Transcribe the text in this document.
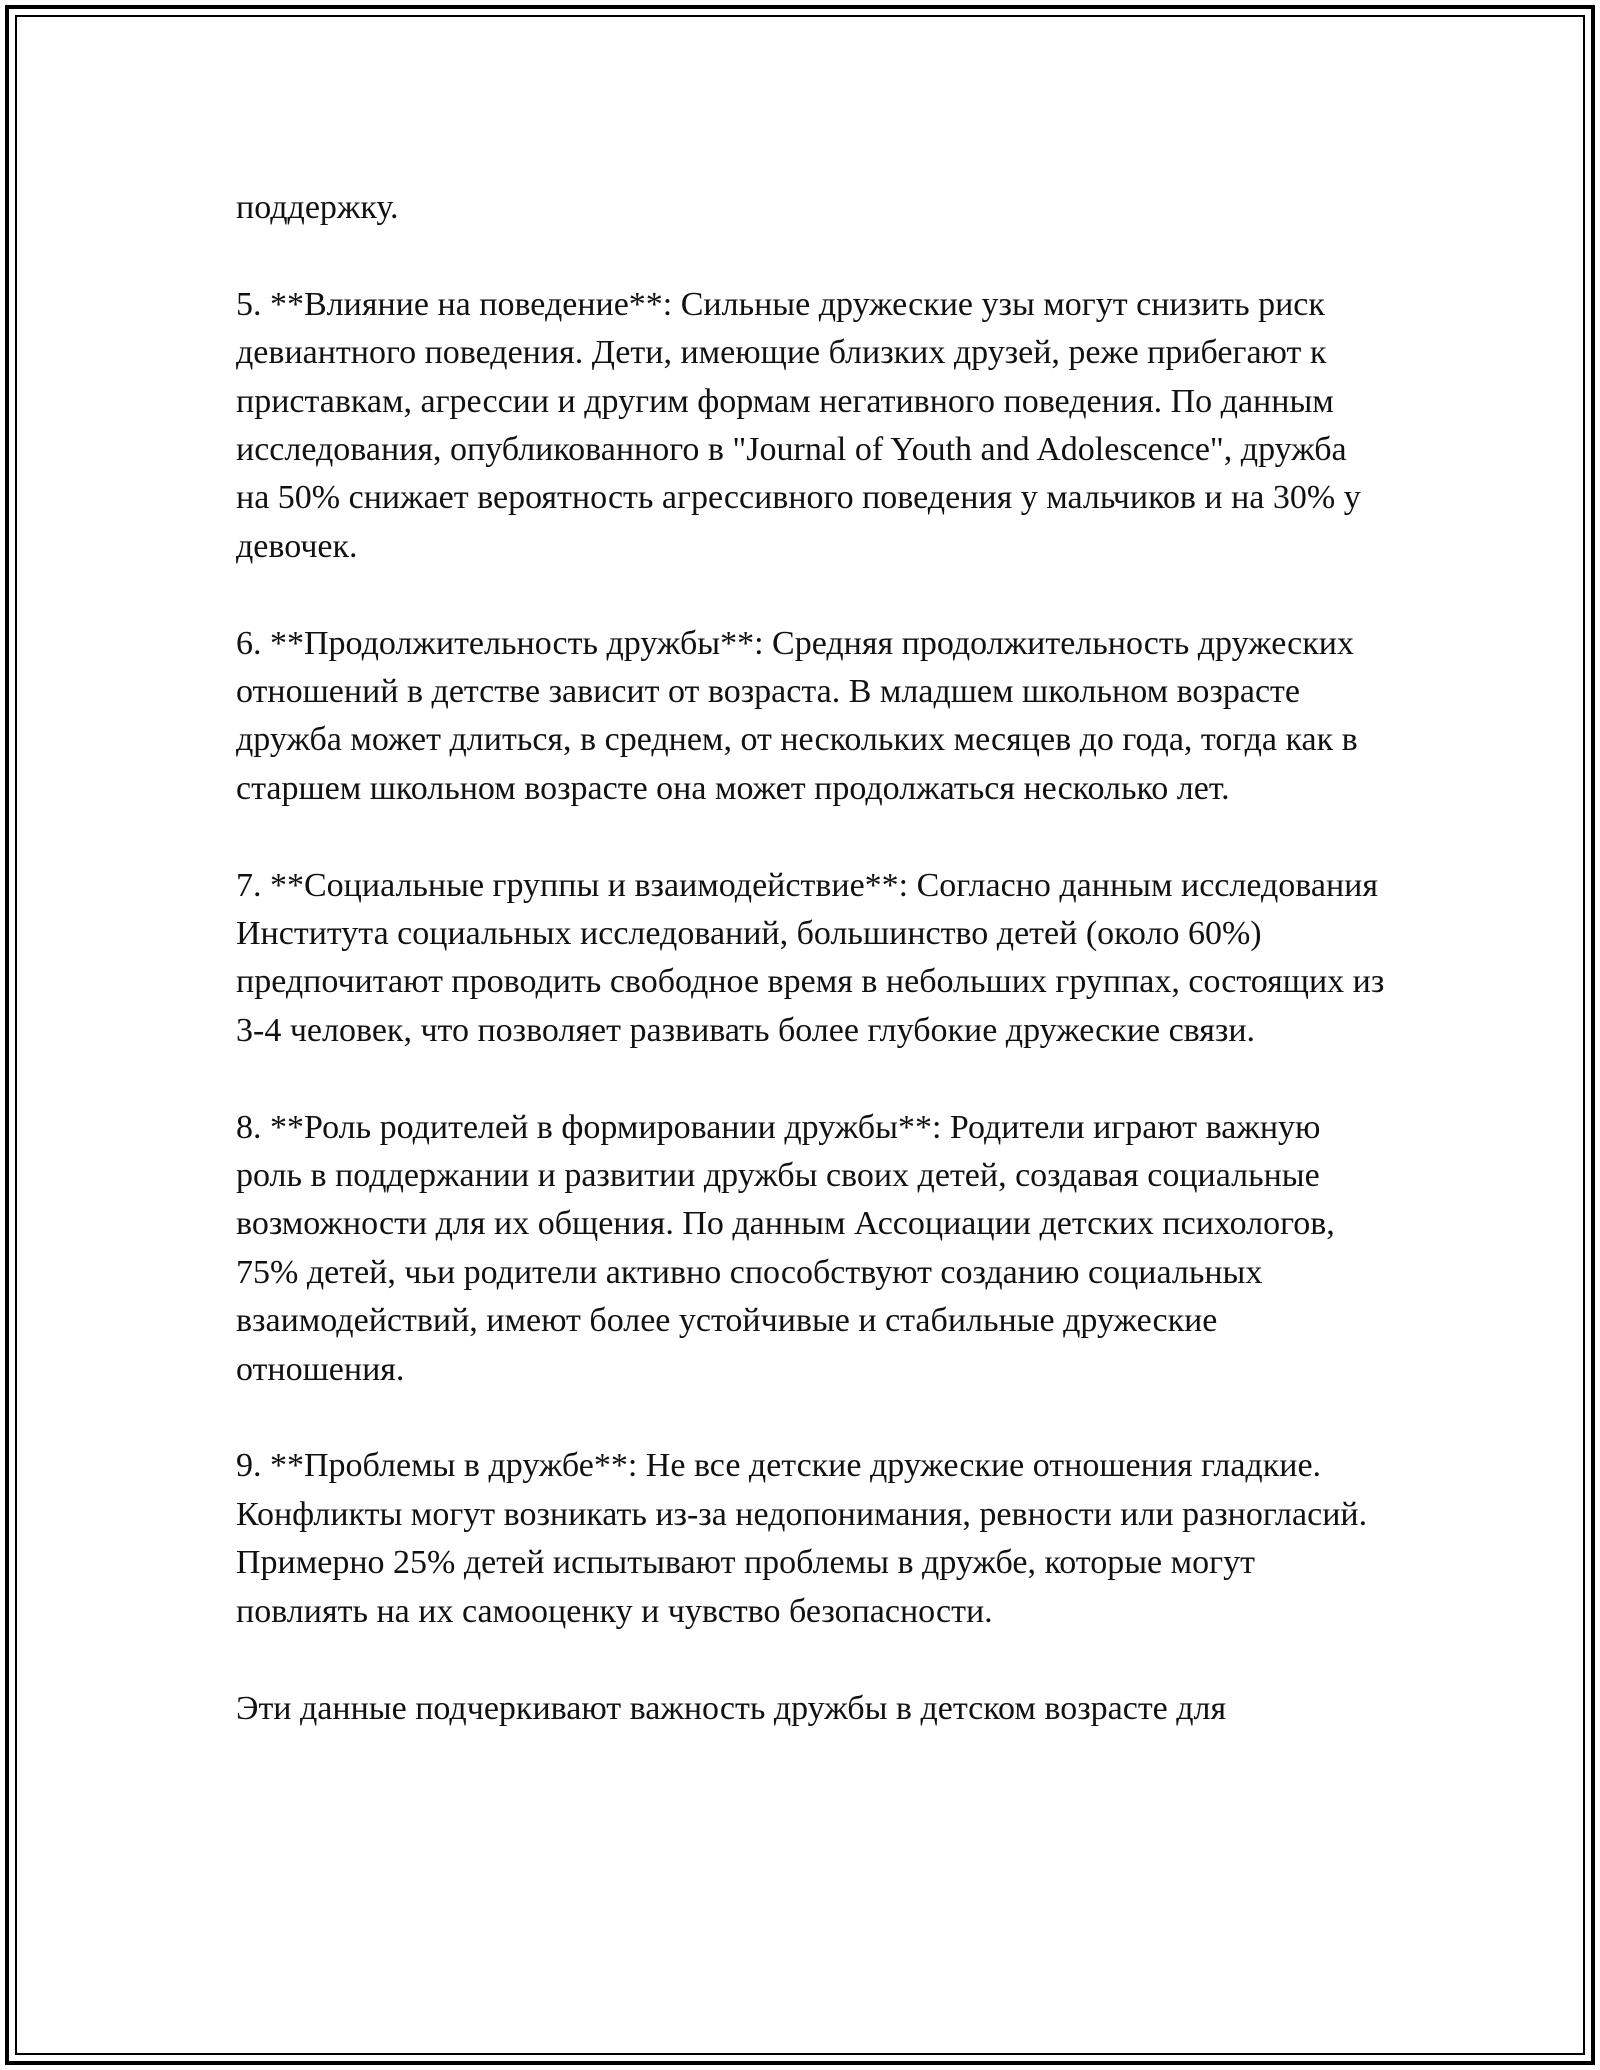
поддержку.

5. **Влияние на поведение**: Сильные дружеские узы могут снизить риск девиантного поведения. Дети, имеющие близких друзей, реже прибегают к приставкам, агрессии и другим формам негативного поведения. По данным исследования, опубликованного в "Journal of Youth and Adolescence", дружба на 50% снижает вероятность агрессивного поведения у мальчиков и на 30% у девочек.

6. **Продолжительность дружбы**: Средняя продолжительность дружеских отношений в детстве зависит от возраста. В младшем школьном возрасте дружба может длиться, в среднем, от нескольких месяцев до года, тогда как в старшем школьном возрасте она может продолжаться несколько лет.

7. **Социальные группы и взаимодействие**: Согласно данным исследования Института социальных исследований, большинство детей (около 60%) предпочитают проводить свободное время в небольших группах, состоящих из 3-4 человек, что позволяет развивать более глубокие дружеские связи.

8. **Роль родителей в формировании дружбы**: Родители играют важную роль в поддержании и развитии дружбы своих детей, создавая социальные возможности для их общения. По данным Ассоциации детских психологов, 75% детей, чьи родители активно способствуют созданию социальных взаимодействий, имеют более устойчивые и стабильные дружеские отношения.

9. **Проблемы в дружбе**: Не все детские дружеские отношения гладкие. Конфликты могут возникать из-за недопонимания, ревности или разногласий. Примерно 25% детей испытывают проблемы в дружбе, которые могут повлиять на их самооценку и чувство безопасности.

Эти данные подчеркивают важность дружбы в детском возрасте для
